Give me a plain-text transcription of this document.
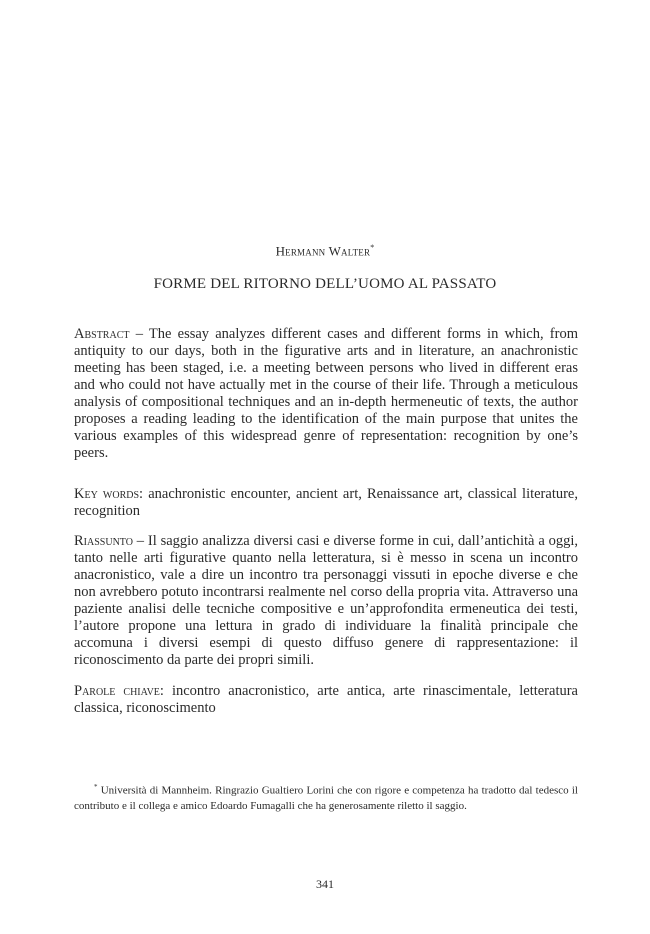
Hermann Walter*
FORME DEL RITORNO DELL’UOMO AL PASSATO

Abstract – The essay analyzes different cases and different forms in which, from antiquity to our days, both in the figurative arts and in literature, an anachronistic meeting has been staged, i.e. a meeting between persons who lived in different eras and who could not have actually met in the course of their life. Through a meticulous analysis of compositional techniques and an in-depth hermeneutic of texts, the author proposes a reading leading to the identification of the main purpose that unites the various examples of this widespread genre of representation: recognition by one’s peers.

Key words: anachronistic encounter, ancient art, Renaissance art, classical literature, recognition

Riassunto – Il saggio analizza diversi casi e diverse forme in cui, dall’antichità a oggi, tanto nelle arti figurative quanto nella letteratura, si è messo in scena un incontro anacronistico, vale a dire un incontro tra personaggi vissuti in epoche diverse e che non avrebbero potuto incontrarsi realmente nel corso della propria vita. Attraverso una paziente analisi delle tecniche compositive e un’approfondita ermeneutica dei testi, l’autore propone una lettura in grado di individuare la finalità principale che accomuna i diversi esempi di questo diffuso genere di rappresentazione: il riconoscimento da parte dei propri simili.

Parole chiave: incontro anacronistico, arte antica, arte rinascimentale, letteratura classica, riconoscimento

* Università di Mannheim. Ringrazio Gualtiero Lorini che con rigore e competenza ha tradotto dal tedesco il contributo e il collega e amico Edoardo Fumagalli che ha generosamente riletto il saggio.

341
